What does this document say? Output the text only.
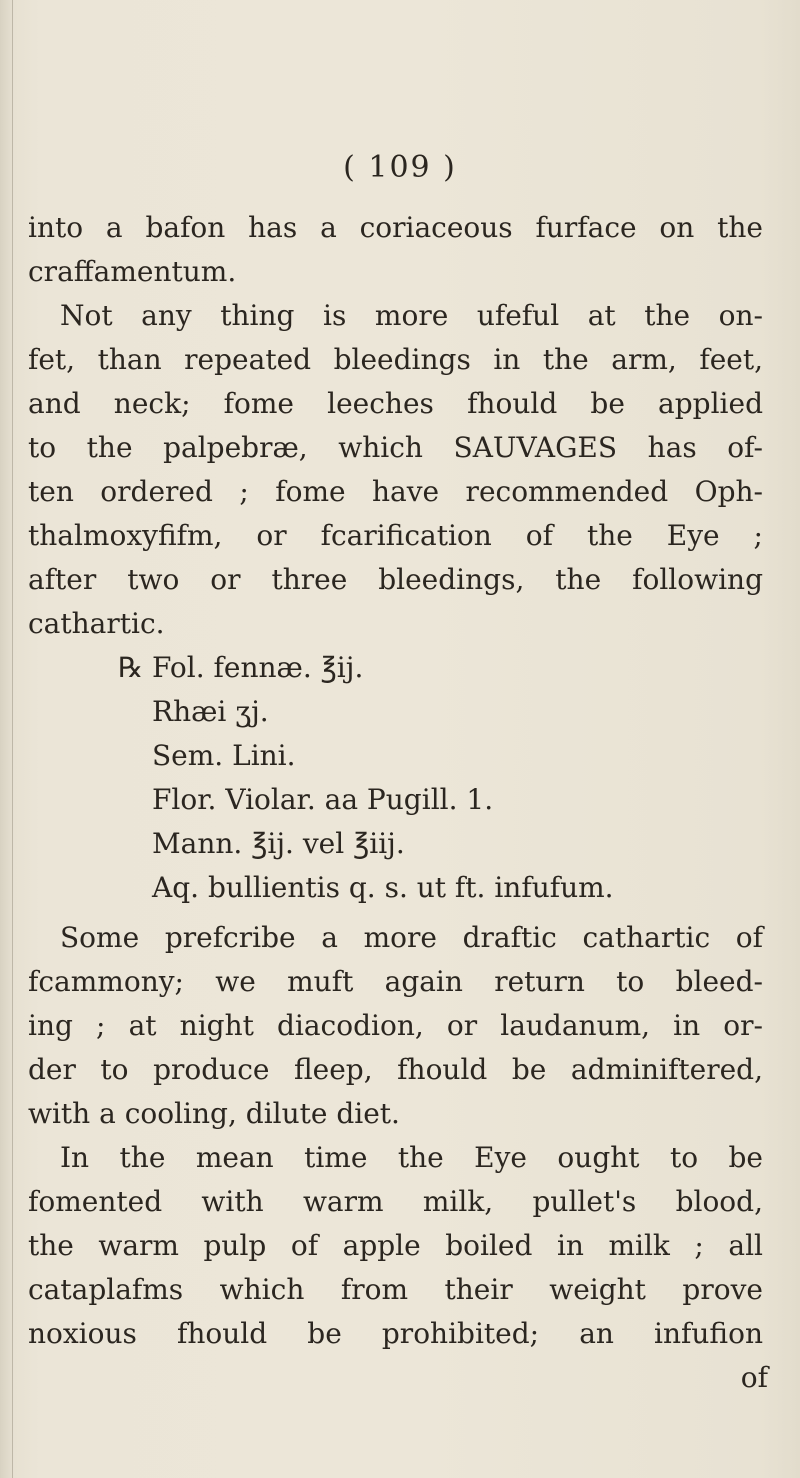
( 109 )
into a bafon has a coriaceous furface on the
craffamentum.
Not any thing is more ufeful at the on-
fet, than repeated bleedings in the arm, feet,
and neck; fome leeches fhould be applied
to the palpebræ, which SAUVAGES has of-
ten ordered ; fome have recommended Oph-
thalmoxyfifm, or fcarification of the Eye ;
after two or three bleedings, the following
cathartic.
℞ Fol. fennæ. ℥ij.
Rhæi ʒj.
Sem. Lini.
Flor. Violar. aa Pugill. 1.
Mann. ℥ij. vel ℥iij.
Aq. bullientis q. s. ut ft. infufum.
Some prefcribe a more draftic cathartic of
fcammony; we muft again return to bleed-
ing ; at night diacodion, or laudanum, in or-
der to produce fleep, fhould be adminiftered,
with a cooling, dilute diet.
In the mean time the Eye ought to be
fomented with warm milk, pullet's blood,
the warm pulp of apple boiled in milk ; all
cataplafms which from their weight prove
noxious fhould be prohibited; an infufion
of
